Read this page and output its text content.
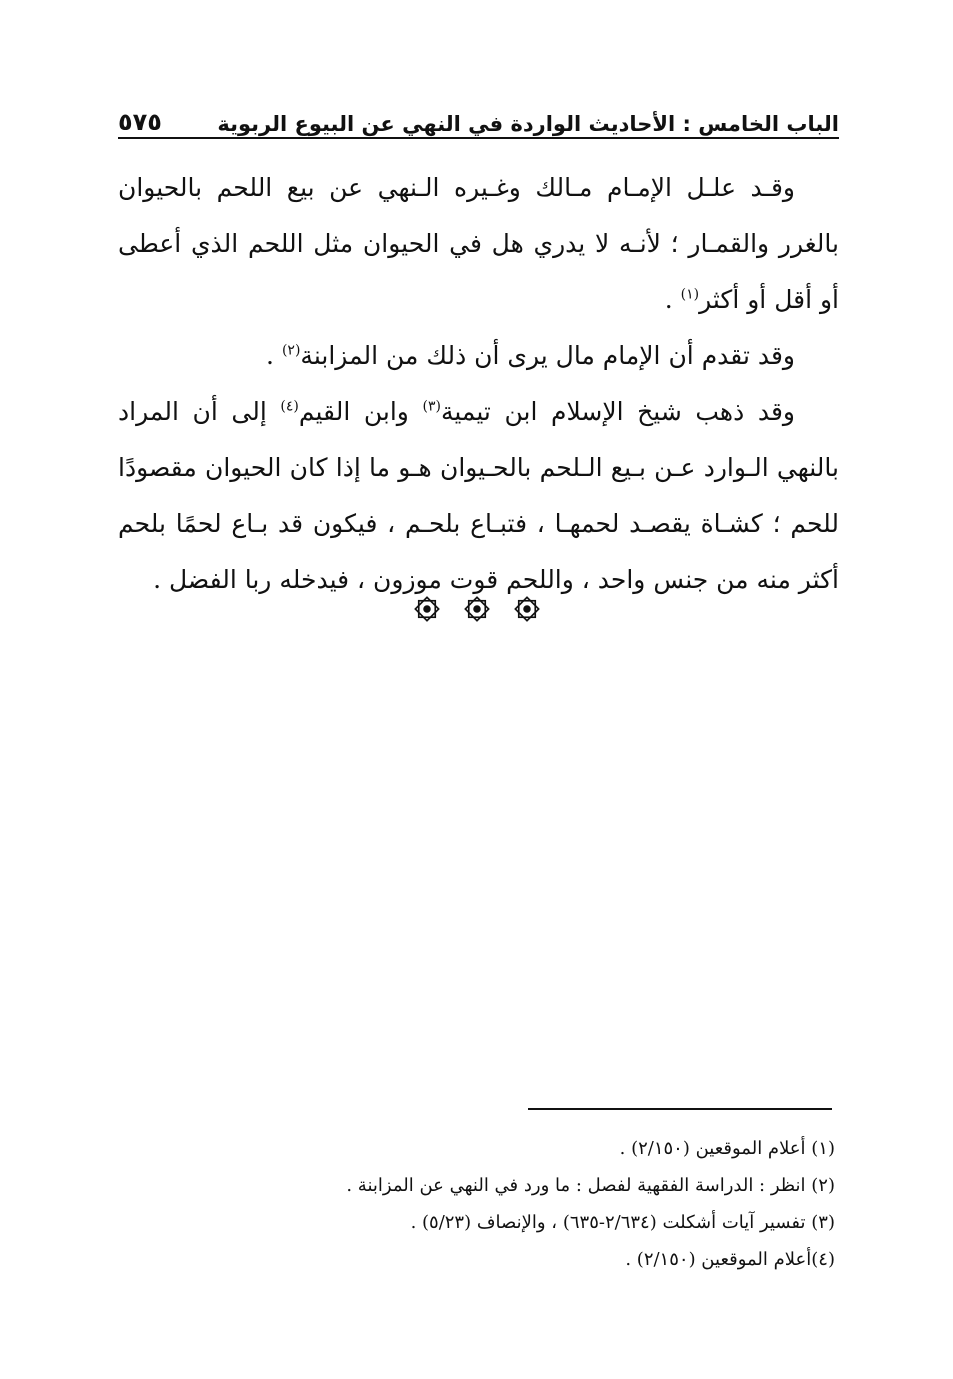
الباب الخامس : الأحاديث الواردة في النهي عن البيوع الربوية
٥٧٥

وقـد علـل الإمـام مـالك وغـيره الـنهي عن بيع اللحم بالحيوان بالغرر والقمـار ؛ لأنـه لا يدري هل في الحيوان مثل اللحم الذي أعطى أو أقل أو أكثر$^{(١)}$ .

وقد تقدم أن الإمام مال يرى أن ذلك من المزابنة$^{(٢)}$ .

وقد ذهب شيخ الإسلام ابن تيمية$^{(٣)}$ وابن القيم$^{(٤)}$ إلى أن المراد بالنهي الـوارد عـن بـيع الـلحم بالحـيوان هـو ما إذا كان الحيوان مقصودًا للحم ؛ كشـاة يقصـد لحمهـا ، فتبـاع بلحـم ، فيكون قد بـاع لحمًا بلحم أكثر منه من جنس واحد ، واللحم قوت موزون ، فيدخله ربا الفضل .

(١) أعلام الموقعين (٢/١٥٠) .

(٢) انظر : الدراسة الفقهية لفصل : ما ورد في النهي عن المزابنة .

(٣) تفسير آيات أشكلت (٢/٦٣٤-٦٣٥) ، والإنصاف (٥/٢٣) .

(٤)أعلام الموقعين (٢/١٥٠) .
